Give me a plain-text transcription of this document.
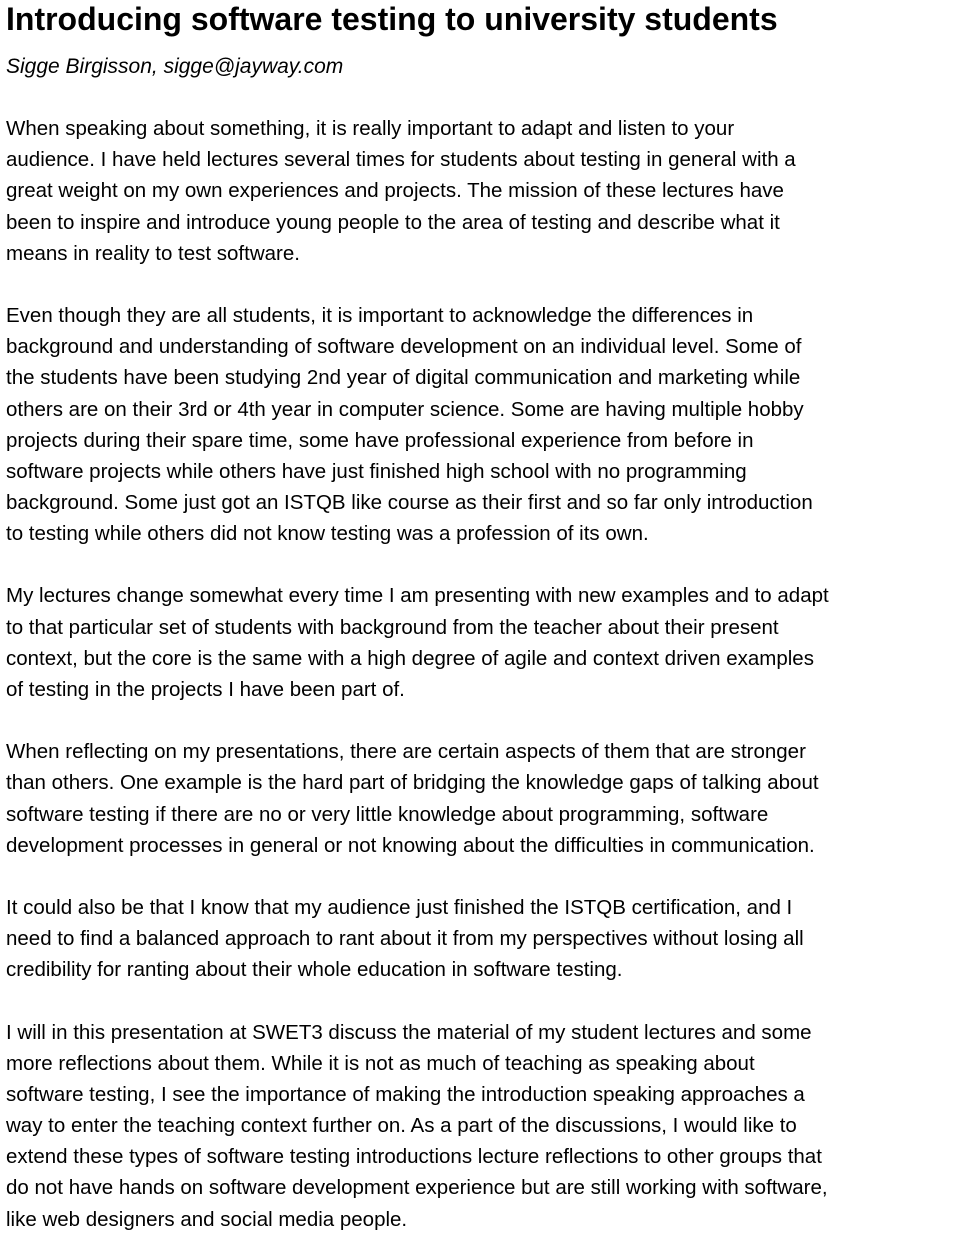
Introducing software testing to university students

Sigge Birgisson, sigge@jayway.com

When speaking about something, it is really important to adapt and listen to your
audience. I have held lectures several times for students about testing in general with a
great weight on my own experiences and projects. The mission of these lectures have
been to inspire and introduce young people to the area of testing and describe what it
means in reality to test software.
Even though they are all students, it is important to acknowledge the differences in
background and understanding of software development on an individual level. Some of
the students have been studying 2nd year of digital communication and marketing while
others are on their 3rd or 4th year in computer science. Some are having multiple hobby
projects during their spare time, some have professional experience from before in
software projects while others have just finished high school with no programming
background. Some just got an ISTQB like course as their first and so far only introduction
to testing while others did not know testing was a profession of its own.
My lectures change somewhat every time I am presenting with new examples and to adapt
to that particular set of students with background from the teacher about their present
context, but the core is the same with a high degree of agile and context driven examples
of testing in the projects I have been part of.
When reflecting on my presentations, there are certain aspects of them that are stronger
than others. One example is the hard part of bridging the knowledge gaps of talking about
software testing if there are no or very little knowledge about programming, software
development processes in general or not knowing about the difficulties in communication.
It could also be that I know that my audience just finished the ISTQB certification, and I
need to find a balanced approach to rant about it from my perspectives without losing all
credibility for ranting about their whole education in software testing.
I will in this presentation at SWET3 discuss the material of my student lectures and some
more reflections about them. While it is not as much of teaching as speaking about
software testing, I see the importance of making the introduction speaking approaches a
way to enter the teaching context further on. As a part of the discussions, I would like to
extend these types of software testing introductions lecture reflections to other groups that
do not have hands on software development experience but are still working with software,
like web designers and social media people.
